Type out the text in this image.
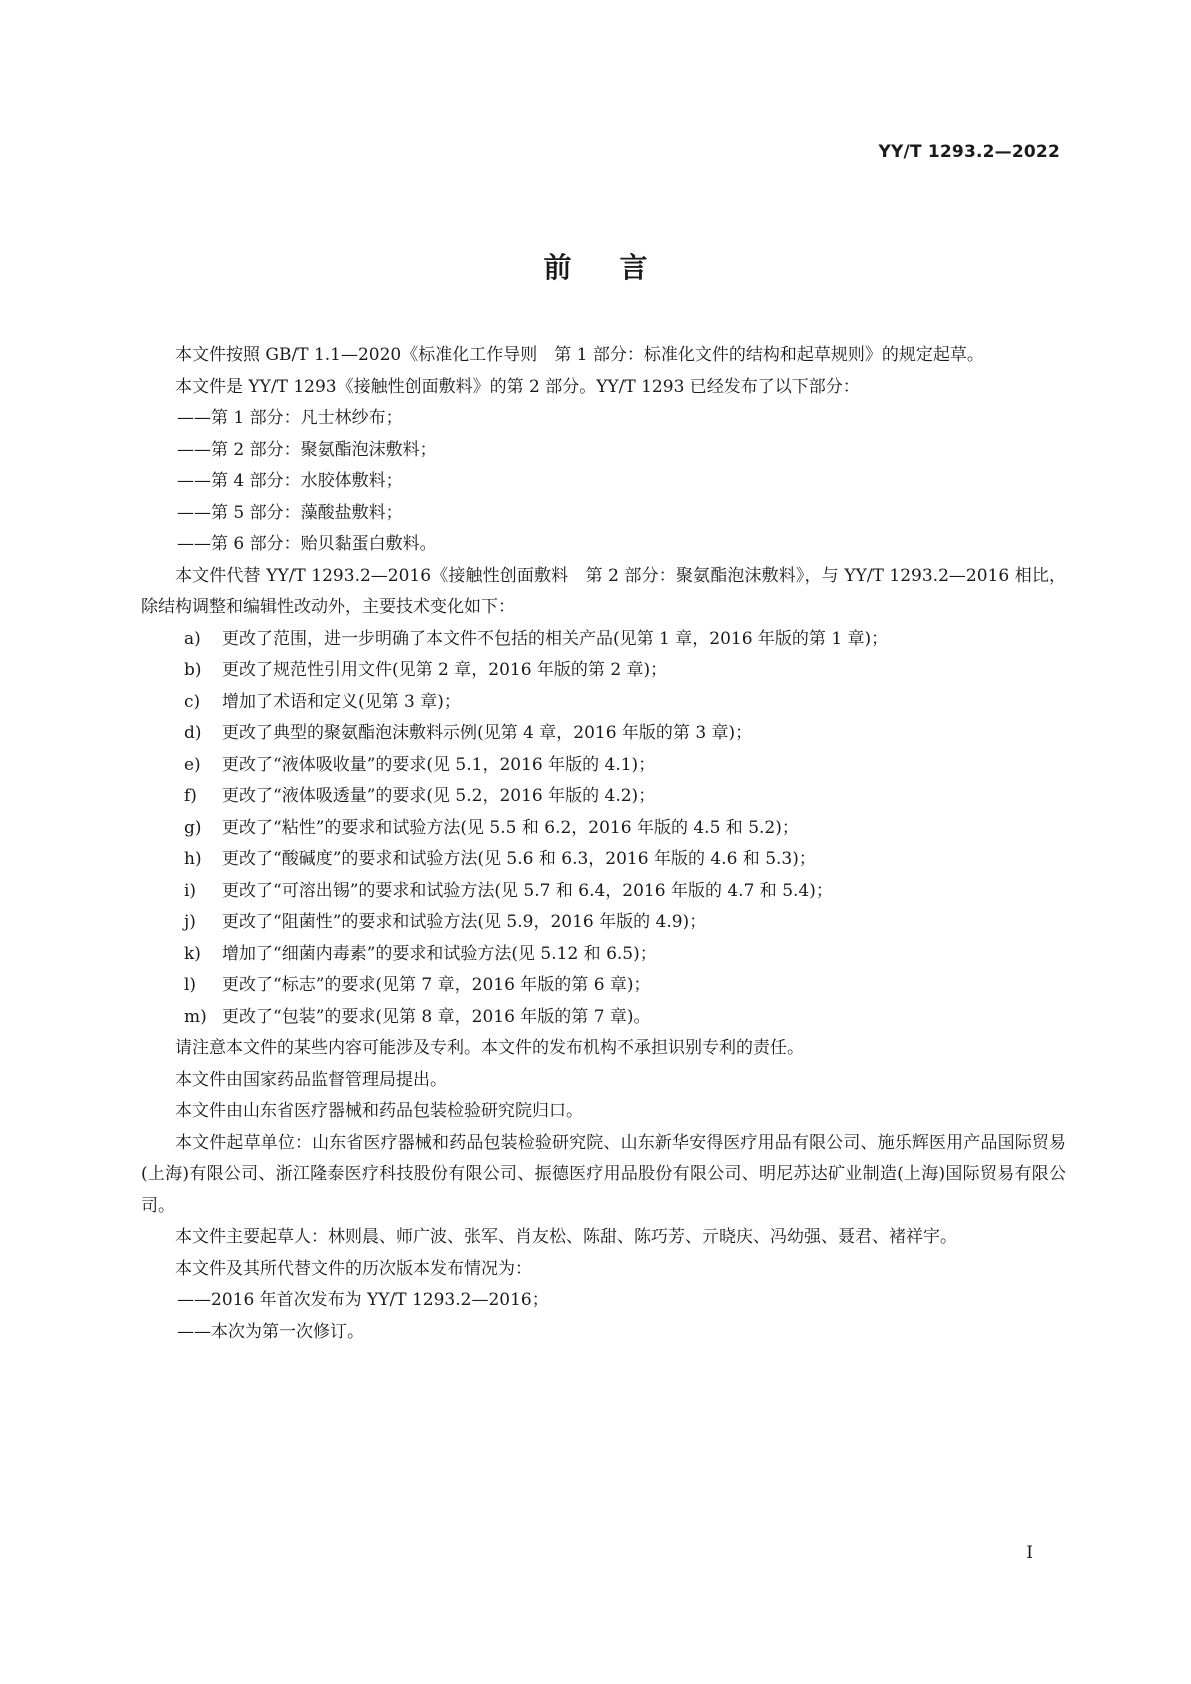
YY/T 1293.2—2022
前言

本文件按照 GB/T 1.1—2020《标准化工作导则　第 1 部分：标准化文件的结构和起草规则》的规定起草。

本文件是 YY/T 1293《接触性创面敷料》的第 2 部分。YY/T 1293 已经发布了以下部分：

——第 1 部分：凡士林纱布；

——第 2 部分：聚氨酯泡沫敷料；

——第 4 部分：水胶体敷料；

——第 5 部分：藻酸盐敷料；

——第 6 部分：贻贝黏蛋白敷料。

本文件代替 YY/T 1293.2—2016《接触性创面敷料　第 2 部分：聚氨酯泡沫敷料》，与 YY/T 1293.2—2016 相比，除结构调整和编辑性改动外，主要技术变化如下：

a)	更改了范围，进一步明确了本文件不包括的相关产品(见第 1 章，2016 年版的第 1 章)；

b)	更改了规范性引用文件(见第 2 章，2016 年版的第 2 章)；

c)	增加了术语和定义(见第 3 章)；

d)	更改了典型的聚氨酯泡沫敷料示例(见第 4 章，2016 年版的第 3 章)；

e)	更改了“液体吸收量”的要求(见 5.1，2016 年版的 4.1)；

f)	更改了“液体吸透量”的要求(见 5.2，2016 年版的 4.2)；

g)	更改了“粘性”的要求和试验方法(见 5.5 和 6.2，2016 年版的 4.5 和 5.2)；

h)	更改了“酸碱度”的要求和试验方法(见 5.6 和 6.3，2016 年版的 4.6 和 5.3)；

i)	更改了“可溶出锡”的要求和试验方法(见 5.7 和 6.4，2016 年版的 4.7 和 5.4)；

j)	更改了“阻菌性”的要求和试验方法(见 5.9，2016 年版的 4.9)；

k)	增加了“细菌内毒素”的要求和试验方法(见 5.12 和 6.5)；

l)	更改了“标志”的要求(见第 7 章，2016 年版的第 6 章)；

m) 更改了“包装”的要求(见第 8 章，2016 年版的第 7 章)。

请注意本文件的某些内容可能涉及专利。本文件的发布机构不承担识别专利的责任。

本文件由国家药品监督管理局提出。

本文件由山东省医疗器械和药品包装检验研究院归口。

本文件起草单位：山东省医疗器械和药品包装检验研究院、山东新华安得医疗用品有限公司、施乐辉医用产品国际贸易(上海)有限公司、浙江隆泰医疗科技股份有限公司、振德医疗用品股份有限公司、明尼苏达矿业制造(上海)国际贸易有限公司。

本文件主要起草人：林则晨、师广波、张军、肖友松、陈甜、陈巧芳、亓晓庆、冯幼强、聂君、褚祥宇。

本文件及其所代替文件的历次版本发布情况为：

——2016 年首次发布为 YY/T 1293.2—2016；

——本次为第一次修订。

I
